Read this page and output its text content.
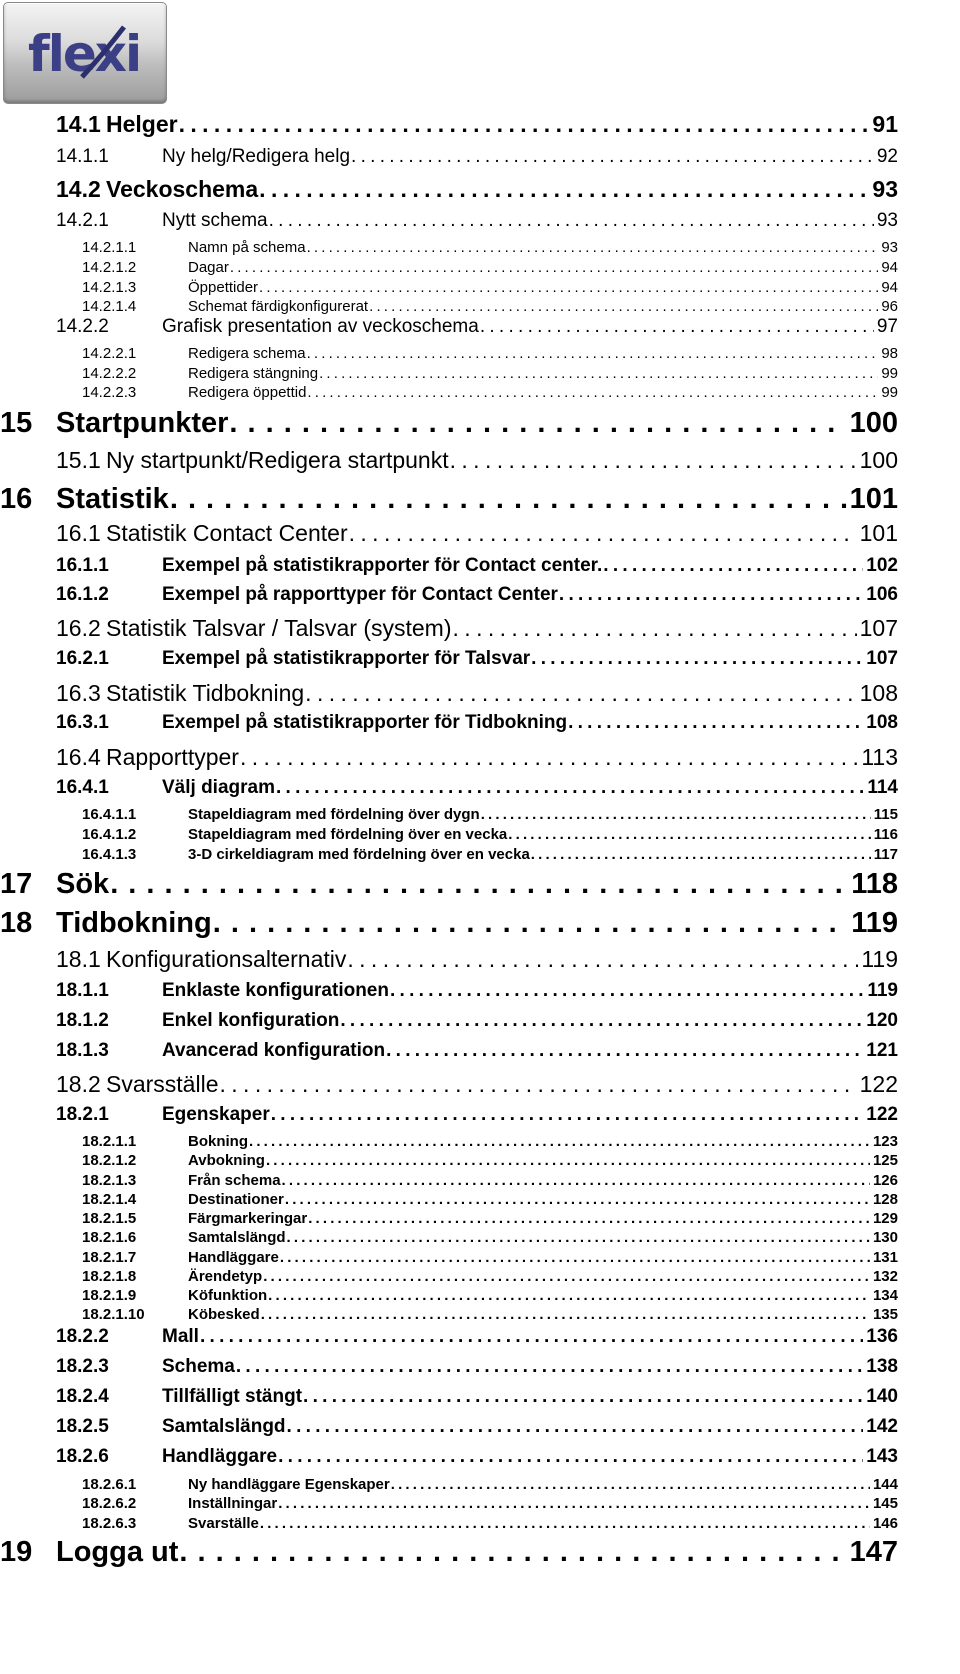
flexi
14.1 Helger . . .	91
14.1.1	Ny helg/Redigera helg . . .	92
14.2 Veckoschema . . .	93
14.2.1	Nytt schema . . .	93
14.2.1.1	Namn på schema . . .	93
14.2.1.2	Dagar . . .	94
14.2.1.3	Öppettider . . .	94
14.2.1.4	Schemat färdigkonfigurerat . . .	96
14.2.2	Grafisk presentation av veckoschema . . .	97
14.2.2.1	Redigera schema . . .	98
14.2.2.2	Redigera stängning . . .	99
14.2.2.3	Redigera öppettid . . .	99
15 Startpunkter . . .	100
15.1 Ny startpunkt/Redigera startpunkt . . .	100
16 Statistik . . .	101
16.1 Statistik Contact Center . . .	101
16.1.1	Exempel på statistikrapporter för Contact center. . . .	102
16.1.2	Exempel på rapporttyper för Contact Center . . .	106
16.2 Statistik Talsvar / Talsvar (system) . . .	107
16.2.1	Exempel på statistikrapporter för Talsvar . . .	107
16.3 Statistik Tidbokning . . .	108
16.3.1	Exempel på statistikrapporter för Tidbokning . . .	108
16.4 Rapporttyper . . .	113
16.4.1	Välj diagram . . .	114
16.4.1.1	Stapeldiagram med fördelning över dygn . . .	115
16.4.1.2	Stapeldiagram med fördelning över en vecka . . .	116
16.4.1.3	3-D cirkeldiagram med fördelning över en vecka . . .	117
17 Sök . . .	118
18 Tidbokning . . .	119
18.1 Konfigurationsalternativ . . .	119
18.1.1	Enklaste konfigurationen . . .	119
18.1.2	Enkel konfiguration . . .	120
18.1.3	Avancerad konfiguration . . .	121
18.2 Svarsställe . . .	122
18.2.1	Egenskaper . . .	122
18.2.1.1	Bokning . . .	123
18.2.1.2	Avbokning . . .	125
18.2.1.3	Från schema . . .	126
18.2.1.4	Destinationer . . .	128
18.2.1.5	Färgmarkeringar . . .	129
18.2.1.6	Samtalslängd . . .	130
18.2.1.7	Handläggare . . .	131
18.2.1.8	Ärendetyp . . .	132
18.2.1.9	Köfunktion . . .	134
18.2.1.10	Köbesked . . .	135
18.2.2	Mall . . .	136
18.2.3	Schema . . .	138
18.2.4	Tillfälligt stängt . . .	140
18.2.5	Samtalslängd . . .	142
18.2.6	Handläggare . . .	143
18.2.6.1	Ny handläggare Egenskaper . . .	144
18.2.6.2	Inställningar . . .	145
18.2.6.3	Svarställe . . .	146
19 Logga ut . . .	147
